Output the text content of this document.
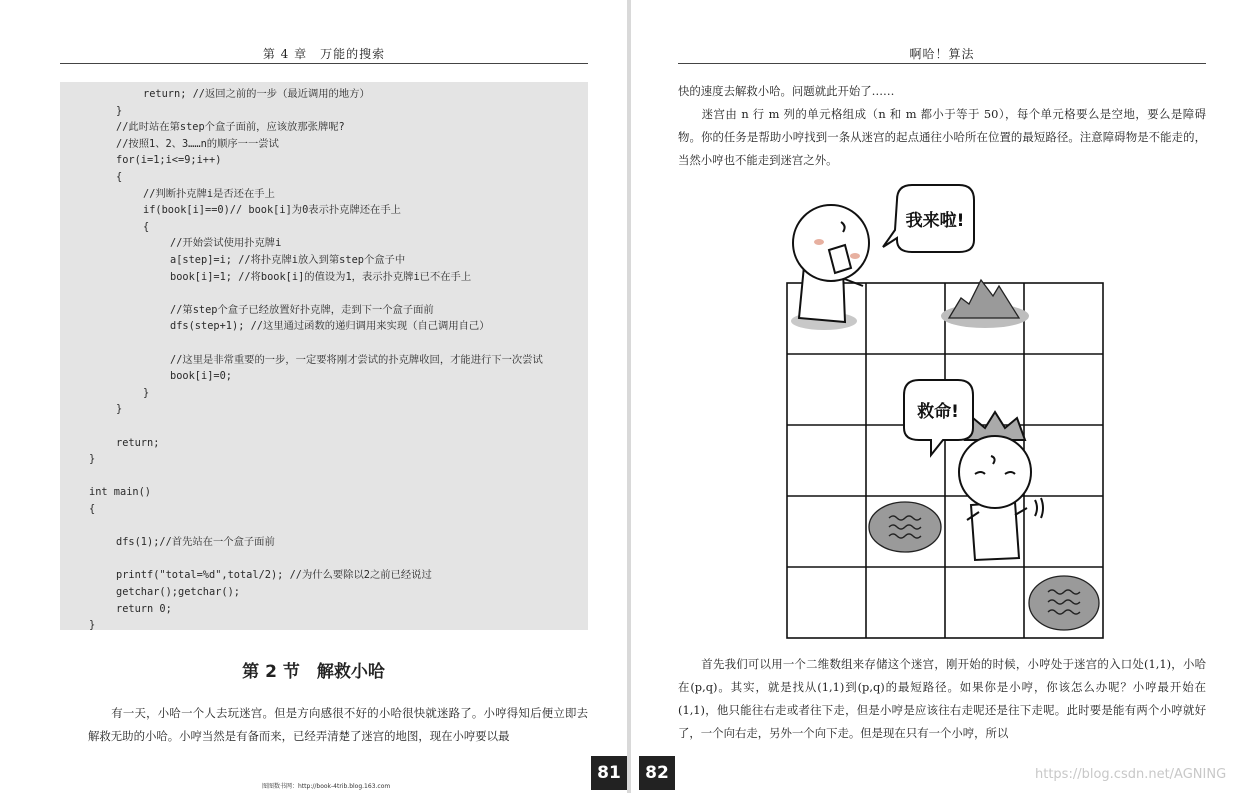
第 4 章　万能的搜索
return; //返回之前的一步（最近调用的地方）
}
//此时站在第step个盒子面前，应该放那张牌呢?
//按照1、2、3……n的顺序一一尝试
for(i=1;i<=9;i++)
{
//判断扑克牌i是否还在手上
if(book[i]==0)// book[i]为0表示扑克牌还在手上
{
//开始尝试使用扑克牌i
a[step]=i; //将扑克牌i放入到第step个盒子中
book[i]=1; //将book[i]的值设为1，表示扑克牌i已不在手上
//第step个盒子已经放置好扑克牌，走到下一个盒子面前
dfs(step+1); //这里通过函数的递归调用来实现（自己调用自己）
//这里是非常重要的一步，一定要将刚才尝试的扑克牌收回，才能进行下一次尝试
book[i]=0;
}
}
return;
}
int main()
{
dfs(1);//首先站在一个盒子面前
printf("total=%d",total/2); //为什么要除以2之前已经说过
getchar();getchar();
return 0;
}
第 2 节　解救小哈
　　有一天，小哈一个人去玩迷宫。但是方向感很不好的小哈很快就迷路了。小哼得知后便立即去解救无助的小哈。小哼当然是有备而来，已经弄清楚了迷宫的地图，现在小哼要以最
图图数书网：http://book-4trib.blog.163.com
81
啊哈！算法
快的速度去解救小哈。问题就此开始了……
　　迷宫由 n 行 m 列的单元格组成（n 和 m 都小于等于 50），每个单元格要么是空地，要么是障碍物。你的任务是帮助小哼找到一条从迷宫的起点通往小哈所在位置的最短路径。注意障碍物是不能走的，当然小哼也不能走到迷宫之外。
我来啦!
救命!
　　首先我们可以用一个二维数组来存储这个迷宫，刚开始的时候，小哼处于迷宫的入口处(1,1)，小哈在(p,q)。其实，就是找从(1,1)到(p,q)的最短路径。如果你是小哼，你该怎么办呢？小哼最开始在(1,1)，他只能往右走或者往下走，但是小哼是应该往右走呢还是往下走呢。此时要是能有两个小哼就好了，一个向右走，另外一个向下走。但是现在只有一个小哼，所以
82	https://blog.csdn.net/AGNING
